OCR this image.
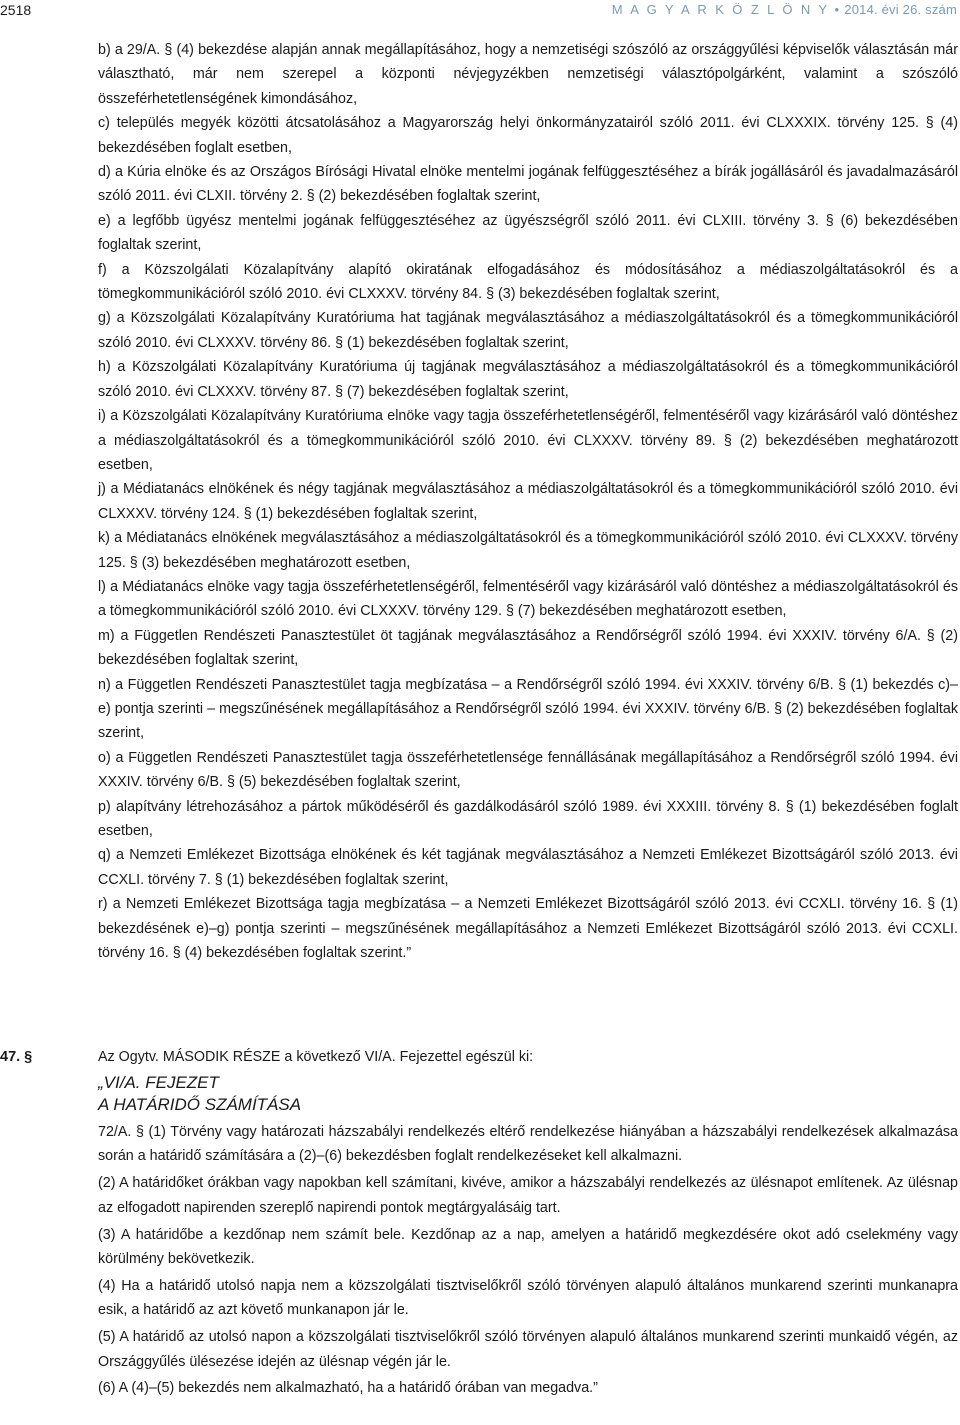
2518	M A G Y A R K Ö Z L Ö N Y • 2014. évi 26. szám

b) a 29/A. § (4) bekezdése alapján annak megállapításához, hogy a nemzetiségi szószóló az országgyűlési képviselők választásán már választható, már nem szerepel a központi névjegyzékben nemzetiségi választópolgárként, valamint a szószóló összeférhetetlenségének kimondásához,

c) település megyék közötti átcsatolásához a Magyarország helyi önkormányzatairól szóló 2011. évi CLXXXIX. törvény 125. § (4) bekezdésében foglalt esetben,

d) a Kúria elnöke és az Országos Bírósági Hivatal elnöke mentelmi jogának felfüggesztéséhez a bírák jogállásáról és javadalmazásáról szóló 2011. évi CLXII. törvény 2. § (2) bekezdésében foglaltak szerint,

e) a legfőbb ügyész mentelmi jogának felfüggesztéséhez az ügyészségről szóló 2011. évi CLXIII. törvény 3. § (6) bekezdésében foglaltak szerint,

f) a Közszolgálati Közalapítvány alapító okiratának elfogadásához és módosításához a médiaszolgáltatásokról és a tömegkommunikációról szóló 2010. évi CLXXXV. törvény 84. § (3) bekezdésében foglaltak szerint,

g) a Közszolgálati Közalapítvány Kuratóriuma hat tagjának megválasztásához a médiaszolgáltatásokról és a tömegkommunikációról szóló 2010. évi CLXXXV. törvény 86. § (1) bekezdésében foglaltak szerint,

h) a Közszolgálati Közalapítvány Kuratóriuma új tagjának megválasztásához a médiaszolgáltatásokról és a tömegkommunikációról szóló 2010. évi CLXXXV. törvény 87. § (7) bekezdésében foglaltak szerint,

i) a Közszolgálati Közalapítvány Kuratóriuma elnöke vagy tagja összeférhetetlenségéről, felmentéséről vagy kizárásáról való döntéshez a médiaszolgáltatásokról és a tömegkommunikációról szóló 2010. évi CLXXXV. törvény 89. § (2) bekezdésében meghatározott esetben,

j) a Médiatanács elnökének és négy tagjának megválasztásához a médiaszolgáltatásokról és a tömegkommunikációról szóló 2010. évi CLXXXV. törvény 124. § (1) bekezdésében foglaltak szerint,

k) a Médiatanács elnökének megválasztásához a médiaszolgáltatásokról és a tömegkommunikációról szóló 2010. évi CLXXXV. törvény 125. § (3) bekezdésében meghatározott esetben,

l) a Médiatanács elnöke vagy tagja összeférhetetlenségéről, felmentéséről vagy kizárásáról való döntéshez a médiaszolgáltatásokról és a tömegkommunikációról szóló 2010. évi CLXXXV. törvény 129. § (7) bekezdésében meghatározott esetben,

m) a Független Rendészeti Panasztestület öt tagjának megválasztásához a Rendőrségről szóló 1994. évi XXXIV. törvény 6/A. § (2) bekezdésében foglaltak szerint,

n) a Független Rendészeti Panasztestület tagja megbízatása – a Rendőrségről szóló 1994. évi XXXIV. törvény 6/B. § (1) bekezdés c)–e) pontja szerinti – megszűnésének megállapításához a Rendőrségről szóló 1994. évi XXXIV. törvény 6/B. § (2) bekezdésében foglaltak szerint,

o) a Független Rendészeti Panasztestület tagja összeférhetetlensége fennállásának megállapításához a Rendőrségről szóló 1994. évi XXXIV. törvény 6/B. § (5) bekezdésében foglaltak szerint,

p) alapítvány létrehozásához a pártok működéséről és gazdálkodásáról szóló 1989. évi XXXIII. törvény 8. § (1) bekezdésében foglalt esetben,

q) a Nemzeti Emlékezet Bizottsága elnökének és két tagjának megválasztásához a Nemzeti Emlékezet Bizottságáról szóló 2013. évi CCXLI. törvény 7. § (1) bekezdésében foglaltak szerint,

r) a Nemzeti Emlékezet Bizottsága tagja megbízatása – a Nemzeti Emlékezet Bizottságáról szóló 2013. évi CCXLI. törvény 16. § (1) bekezdésének e)–g) pontja szerinti – megszűnésének megállapításához a Nemzeti Emlékezet Bizottságáról szóló 2013. évi CCXLI. törvény 16. § (4) bekezdésében foglaltak szerint.”

47. §	Az Ogytv. MÁSODIK RÉSZE a következő VI/A. Fejezettel egészül ki:

„VI/A. FEJEZET

A HATÁRIDŐ SZÁMÍTÁSA

72/A. § (1) Törvény vagy határozati házszabályi rendelkezés eltérő rendelkezése hiányában a házszabályi rendelkezések alkalmazása során a határidő számítására a (2)–(6) bekezdésben foglalt rendelkezéseket kell alkalmazni.

(2) A határidőket órákban vagy napokban kell számítani, kivéve, amikor a házszabályi rendelkezés az ülésnapot említenek. Az ülésnap az elfogadott napirenden szereplő napirendi pontok megtárgyalásáig tart.

(3) A határidőbe a kezdőnap nem számít bele. Kezdőnap az a nap, amelyen a határidő megkezdésére okot adó cselekmény vagy körülmény bekövetkezik.

(4) Ha a határidő utolsó napja nem a közszolgálati tisztviselőkről szóló törvényen alapuló általános munkarend szerinti munkanapra esik, a határidő az azt követő munkanapon jár le.

(5) A határidő az utolsó napon a közszolgálati tisztviselőkről szóló törvényen alapuló általános munkarend szerinti munkaidő végén, az Országgyűlés ülésezése idején az ülésnap végén jár le.

(6) A (4)–(5) bekezdés nem alkalmazható, ha a határidő órában van megadva.”
